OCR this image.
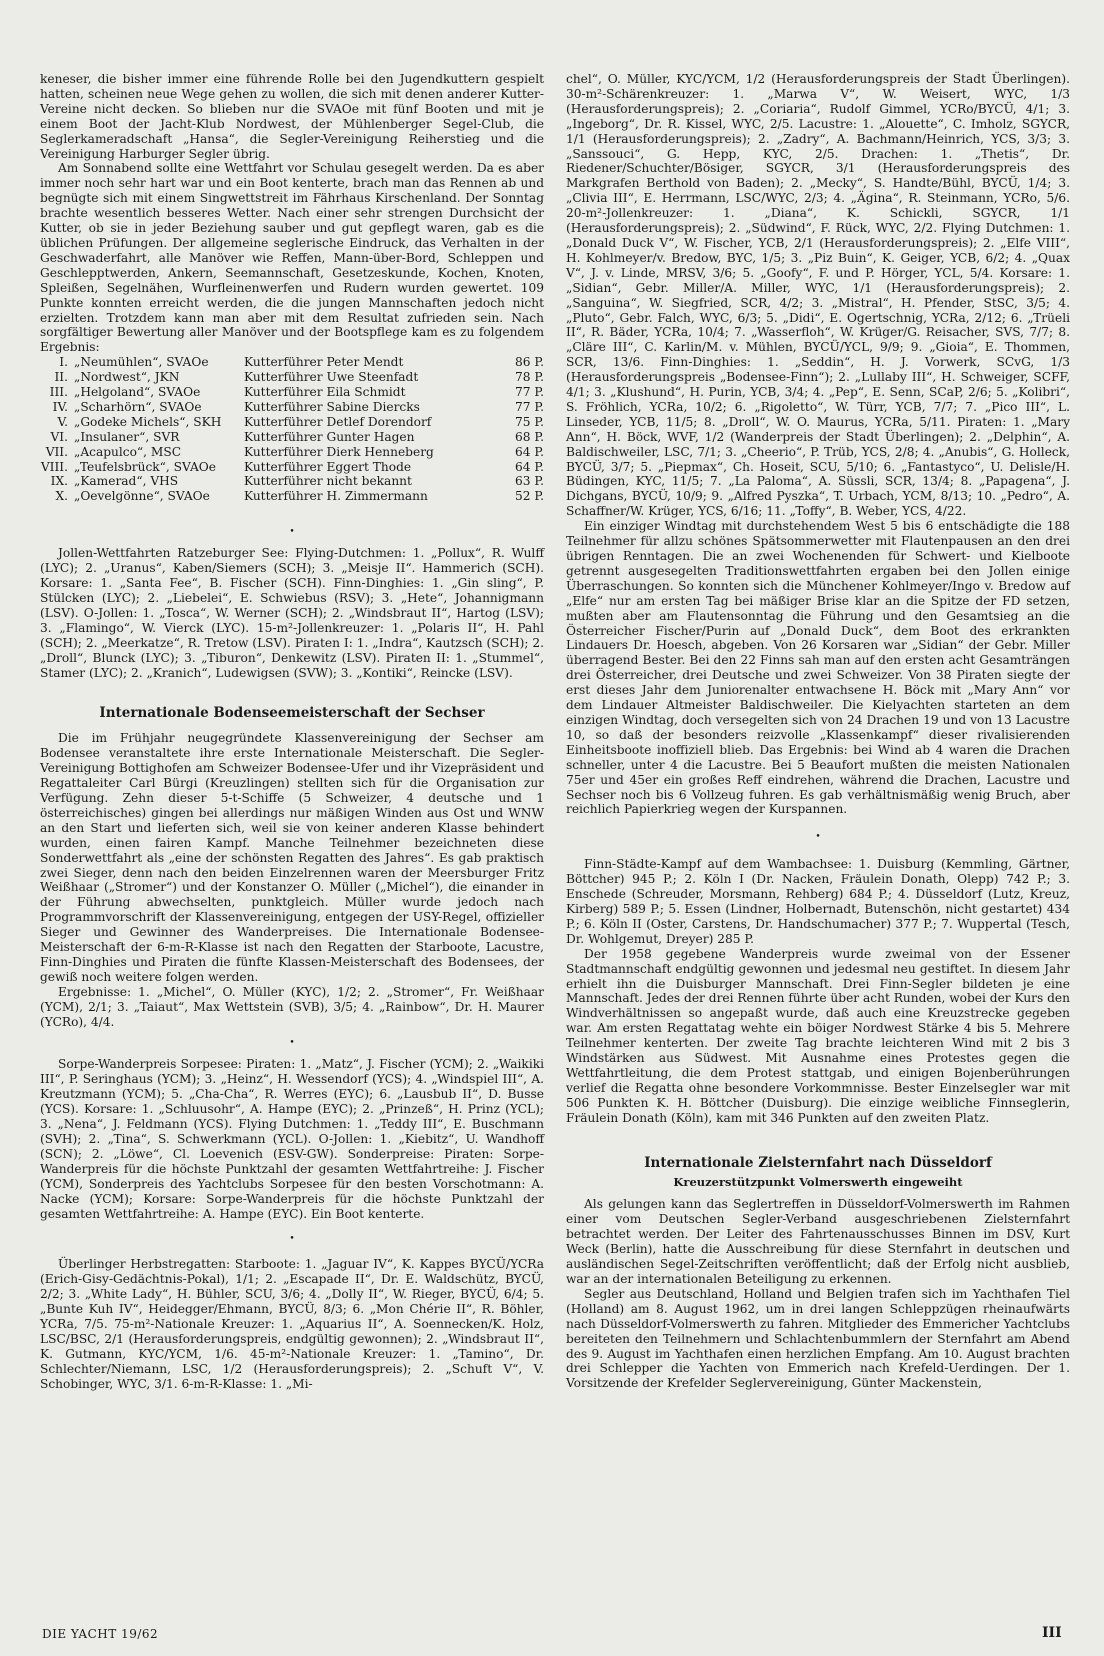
keneser, die bisher immer eine führende Rolle bei den Jugendkuttern gespielt hatten, scheinen neue Wege gehen zu wollen, die sich mit denen anderer Kutter-Vereine nicht decken. So blieben nur die SVAOe mit fünf Booten und mit je einem Boot der Jacht-Klub Nordwest, der Mühlenberger Segel-Club, die Seglerkameradschaft „Hansa“, die Segler-Vereinigung Reiherstieg und die Vereinigung Harburger Segler übrig.

Am Sonnabend sollte eine Wettfahrt vor Schulau gesegelt werden. Da es aber immer noch sehr hart war und ein Boot kenterte, brach man das Rennen ab und begnügte sich mit einem Singwettstreit im Fährhaus Kirschenland. Der Sonntag brachte wesentlich besseres Wetter. Nach einer sehr strengen Durchsicht der Kutter, ob sie in jeder Beziehung sauber und gut gepflegt waren, gab es die üblichen Prüfungen. Der allgemeine seglerische Eindruck, das Verhalten in der Geschwaderfahrt, alle Manöver wie Reffen, Mann-über-Bord, Schleppen und Geschlepptwerden, Ankern, Seemannschaft, Gesetzeskunde, Kochen, Knoten, Spleißen, Segelnähen, Wurfleinenwerfen und Rudern wurden gewertet. 109 Punkte konnten erreicht werden, die die jungen Mannschaften jedoch nicht erzielten. Trotzdem kann man aber mit dem Resultat zufrieden sein. Nach sorgfältiger Bewertung aller Manöver und der Bootspflege kam es zu folgendem Ergebnis:

I.	„Neumühlen“, SVAOe	Kutterführer Peter Mendt	86 P.
II.	„Nordwest“, JKN	Kutterführer Uwe Steenfadt	78 P.
III.	„Helgoland“, SVAOe	Kutterführer Eila Schmidt	77 P.
IV.	„Scharhörn“, SVAOe	Kutterführer Sabine Diercks	77 P.
V.	„Godeke Michels“, SKH	Kutterführer Detlef Dorendorf	75 P.
VI.	„Insulaner“, SVR	Kutterführer Gunter Hagen	68 P.
VII.	„Acapulco“, MSC	Kutterführer Dierk Henneberg	64 P.
VIII.	„Teufelsbrück“, SVAOe	Kutterführer Eggert Thode	64 P.
IX.	„Kamerad“, VHS	Kutterführer nicht bekannt	63 P.
X.	„Oevelgönne“, SVAOe	Kutterführer H. Zimmermann	52 P.
•

Jollen-Wettfahrten Ratzeburger See: Flying-Dutchmen: 1. „Pollux“, R. Wulff (LYC); 2. „Uranus“, Kaben/Siemers (SCH); 3. „Meisje II“. Hammerich (SCH). Korsare: 1. „Santa Fee“, B. Fischer (SCH). Finn-Dinghies: 1. „Gin sling“, P. Stülcken (LYC); 2. „Liebelei“, E. Schwiebus (RSV); 3. „Hete“, Johannigmann (LSV). O-Jollen: 1. „Tosca“, W. Werner (SCH); 2. „Windsbraut II“, Hartog (LSV); 3. „Flamingo“, W. Vierck (LYC). 15-m²-Jollenkreuzer: 1. „Polaris II“, H. Pahl (SCH); 2. „Meerkatze“, R. Tretow (LSV). Piraten I: 1. „Indra“, Kautzsch (SCH); 2. „Droll“, Blunck (LYC); 3. „Tiburon“, Denkewitz (LSV). Piraten II: 1. „Stummel“, Stamer (LYC); 2. „Kranich“, Ludewigsen (SVW); 3. „Kontiki“, Reincke (LSV).

Internationale Bodenseemeisterschaft der Sechser

Die im Frühjahr neugegründete Klassenvereinigung der Sechser am Bodensee veranstaltete ihre erste Internationale Meisterschaft. Die Segler-Vereinigung Bottighofen am Schweizer Bodensee-Ufer und ihr Vizepräsident und Regattaleiter Carl Bürgi (Kreuzlingen) stellten sich für die Organisation zur Verfügung. Zehn dieser 5-t-Schiffe (5 Schweizer, 4 deutsche und 1 österreichisches) gingen bei allerdings nur mäßigen Winden aus Ost und WNW an den Start und lieferten sich, weil sie von keiner anderen Klasse behindert wurden, einen fairen Kampf. Manche Teilnehmer bezeichneten diese Sonderwettfahrt als „eine der schönsten Regatten des Jahres“. Es gab praktisch zwei Sieger, denn nach den beiden Einzelrennen waren der Meersburger Fritz Weißhaar („Stromer“) und der Konstanzer O. Müller („Michel“), die einander in der Führung abwechselten, punktgleich. Müller wurde jedoch nach Programmvorschrift der Klassenvereinigung, entgegen der USY-Regel, offizieller Sieger und Gewinner des Wanderpreises. Die Internationale Bodensee-Meisterschaft der 6-m-R-Klasse ist nach den Regatten der Starboote, Lacustre, Finn-Dinghies und Piraten die fünfte Klassen-Meisterschaft des Bodensees, der gewiß noch weitere folgen werden.

Ergebnisse: 1. „Michel“, O. Müller (KYC), 1/2; 2. „Stromer“, Fr. Weißhaar (YCM), 2/1; 3. „Taiaut“, Max Wettstein (SVB), 3/5; 4. „Rainbow“, Dr. H. Maurer (YCRo), 4/4.

•

Sorpe-Wanderpreis Sorpesee: Piraten: 1. „Matz“, J. Fischer (YCM); 2. „Waikiki III“, P. Seringhaus (YCM); 3. „Heinz“, H. Wessendorf (YCS); 4. „Windspiel III“, A. Kreutzmann (YCM); 5. „Cha-Cha“, R. Werres (EYC); 6. „Lausbub II“, D. Busse (YCS). Korsare: 1. „Schluusohr“, A. Hampe (EYC); 2. „Prinzeß“, H. Prinz (YCL); 3. „Nena“, J. Feldmann (YCS). Flying Dutchmen: 1. „Teddy III“, E. Buschmann (SVH); 2. „Tina“, S. Schwerkmann (YCL). O-Jollen: 1. „Kiebitz“, U. Wandhoff (SCN); 2. „Löwe“, Cl. Loevenich (ESV-GW). Sonderpreise: Piraten: Sorpe-Wanderpreis für die höchste Punktzahl der gesamten Wettfahrtreihe: J. Fischer (YCM), Sonderpreis des Yachtclubs Sorpesee für den besten Vorschotmann: A. Nacke (YCM); Korsare: Sorpe-Wanderpreis für die höchste Punktzahl der gesamten Wettfahrtreihe: A. Hampe (EYC). Ein Boot kenterte.

•

Überlinger Herbstregatten: Starboote: 1. „Jaguar IV“, K. Kappes BYCÜ/YCRa (Erich-Gisy-Gedächtnis-Pokal), 1/1; 2. „Escapade II“, Dr. E. Waldschütz, BYCÜ, 2/2; 3. „White Lady“, H. Bühler, SCU, 3/6; 4. „Dolly II“, W. Rieger, BYCÜ, 6/4; 5. „Bunte Kuh IV“, Heidegger/Ehmann, BYCÜ, 8/3; 6. „Mon Chérie II“, R. Böhler, YCRa, 7/5. 75-m²-Nationale Kreuzer: 1. „Aquarius II“, A. Soennecken/K. Holz, LSC/BSC, 2/1 (Herausforderungspreis, endgültig gewonnen); 2. „Windsbraut II“, K. Gutmann, KYC/YCM, 1/6. 45-m²-Nationale Kreuzer: 1. „Tamino“, Dr. Schlechter/Niemann, LSC, 1/2 (Herausforderungspreis); 2. „Schuft V“, V. Schobinger, WYC, 3/1. 6-m-R-Klasse: 1. „Mi-

chel“, O. Müller, KYC/YCM, 1/2 (Herausforderungspreis der Stadt Überlingen). 30-m²-Schärenkreuzer: 1. „Marwa V“, W. Weisert, WYC, 1/3 (Herausforderungspreis); 2. „Coriaria“, Rudolf Gimmel, YCRo/BYCÜ, 4/1; 3. „Ingeborg“, Dr. R. Kissel, WYC, 2/5. Lacustre: 1. „Alouette“, C. Imholz, SGYCR, 1/1 (Herausforderungspreis); 2. „Zadry“, A. Bachmann/Heinrich, YCS, 3/3; 3. „Sanssouci“, G. Hepp, KYC, 2/5. Drachen: 1. „Thetis“, Dr. Riedener/Schuchter/Bösiger, SGYCR, 3/1 (Herausforderungspreis des Markgrafen Berthold von Baden); 2. „Mecky“, S. Handte/Bühl, BYCÜ, 1/4; 3. „Clivia III“, E. Herrmann, LSC/WYC, 2/3; 4. „Ägina“, R. Steinmann, YCRo, 5/6. 20-m²-Jollenkreuzer: 1. „Diana“, K. Schickli, SGYCR, 1/1 (Herausforderungspreis); 2. „Südwind“, F. Rück, WYC, 2/2. Flying Dutchmen: 1. „Donald Duck V“, W. Fischer, YCB, 2/1 (Herausforderungspreis); 2. „Elfe VIII“, H. Kohlmeyer/v. Bredow, BYC, 1/5; 3. „Piz Buin“, K. Geiger, YCB, 6/2; 4. „Quax V“, J. v. Linde, MRSV, 3/6; 5. „Goofy“, F. und P. Hörger, YCL, 5/4. Korsare: 1. „Sidian“, Gebr. Miller/A. Miller, WYC, 1/1 (Herausforderungspreis); 2. „Sanguina“, W. Siegfried, SCR, 4/2; 3. „Mistral“, H. Pfender, StSC, 3/5; 4. „Pluto“, Gebr. Falch, WYC, 6/3; 5. „Didi“, E. Ogertschnig, YCRa, 2/12; 6. „Trüeli II“, R. Bäder, YCRa, 10/4; 7. „Wasserfloh“, W. Krüger/G. Reisacher, SVS, 7/7; 8. „Cläre III“, C. Karlin/M. v. Mühlen, BYCÜ/YCL, 9/9; 9. „Gioia“, E. Thommen, SCR, 13/6. Finn-Dinghies: 1. „Seddin“, H. J. Vorwerk, SCvG, 1/3 (Herausforderungspreis „Bodensee-Finn“); 2. „Lullaby III“, H. Schweiger, SCFF, 4/1; 3. „Klushund“, H. Purin, YCB, 3/4; 4. „Pep“, E. Senn, SCaP, 2/6; 5. „Kolibri“, S. Fröhlich, YCRa, 10/2; 6. „Rigoletto“, W. Türr, YCB, 7/7; 7. „Pico III“, L. Linseder, YCB, 11/5; 8. „Droll“, W. O. Maurus, YCRa, 5/11. Piraten: 1. „Mary Ann“, H. Böck, WVF, 1/2 (Wanderpreis der Stadt Überlingen); 2. „Delphin“, A. Baldischweiler, LSC, 7/1; 3. „Cheerio“, P. Trüb, YCS, 2/8; 4. „Anubis“, G. Holleck, BYCÜ, 3/7; 5. „Piepmax“, Ch. Hoseit, SCU, 5/10; 6. „Fantastyco“, U. Delisle/H. Büdingen, KYC, 11/5; 7. „La Paloma“, A. Süssli, SCR, 13/4; 8. „Papagena“, J. Dichgans, BYCÜ, 10/9; 9. „Alfred Pyszka“, T. Urbach, YCM, 8/13; 10. „Pedro“, A. Schaffner/W. Krüger, YCS, 6/16; 11. „Toffy“, B. Weber, YCS, 4/22.

Ein einziger Windtag mit durchstehendem West 5 bis 6 entschädigte die 188 Teilnehmer für allzu schönes Spätsommerwetter mit Flautenpausen an den drei übrigen Renntagen. Die an zwei Wochenenden für Schwert- und Kielboote getrennt ausgesegelten Traditionswettfahrten ergaben bei den Jollen einige Überraschungen. So konnten sich die Münchener Kohlmeyer/Ingo v. Bredow auf „Elfe“ nur am ersten Tag bei mäßiger Brise klar an die Spitze der FD setzen, mußten aber am Flautensonntag die Führung und den Gesamtsieg an die Österreicher Fischer/Purin auf „Donald Duck“, dem Boot des erkrankten Lindauers Dr. Hoesch, abgeben. Von 26 Korsaren war „Sidian“ der Gebr. Miller überragend Bester. Bei den 22 Finns sah man auf den ersten acht Gesamträngen drei Österreicher, drei Deutsche und zwei Schweizer. Von 38 Piraten siegte der erst dieses Jahr dem Juniorenalter entwachsene H. Böck mit „Mary Ann“ vor dem Lindauer Altmeister Baldischweiler. Die Kielyachten starteten an dem einzigen Windtag, doch versegelten sich von 24 Drachen 19 und von 13 Lacustre 10, so daß der besonders reizvolle „Klassenkampf“ dieser rivalisierenden Einheitsboote inoffiziell blieb. Das Ergebnis: bei Wind ab 4 waren die Drachen schneller, unter 4 die Lacustre. Bei 5 Beaufort mußten die meisten Nationalen 75er und 45er ein großes Reff eindrehen, während die Drachen, Lacustre und Sechser noch bis 6 Vollzeug fuhren. Es gab verhältnismäßig wenig Bruch, aber reichlich Papierkrieg wegen der Kurspannen.

•

Finn-Städte-Kampf auf dem Wambachsee: 1. Duisburg (Kemmling, Gärtner, Böttcher) 945 P.; 2. Köln I (Dr. Nacken, Fräulein Donath, Olepp) 742 P.; 3. Enschede (Schreuder, Morsmann, Rehberg) 684 P.; 4. Düsseldorf (Lutz, Kreuz, Kirberg) 589 P.; 5. Essen (Lindner, Holbernadt, Butenschön, nicht gestartet) 434 P.; 6. Köln II (Oster, Carstens, Dr. Handschumacher) 377 P.; 7. Wuppertal (Tesch, Dr. Wohlgemut, Dreyer) 285 P.

Der 1958 gegebene Wanderpreis wurde zweimal von der Essener Stadtmannschaft endgültig gewonnen und jedesmal neu gestiftet. In diesem Jahr erhielt ihn die Duisburger Mannschaft. Drei Finn-Segler bildeten je eine Mannschaft. Jedes der drei Rennen führte über acht Runden, wobei der Kurs den Windverhältnissen so angepaßt wurde, daß auch eine Kreuzstrecke gegeben war. Am ersten Regattatag wehte ein böiger Nordwest Stärke 4 bis 5. Mehrere Teilnehmer kenterten. Der zweite Tag brachte leichteren Wind mit 2 bis 3 Windstärken aus Südwest. Mit Ausnahme eines Protestes gegen die Wettfahrtleitung, die dem Protest stattgab, und einigen Bojenberührungen verlief die Regatta ohne besondere Vorkommnisse. Bester Einzelsegler war mit 506 Punkten K. H. Böttcher (Duisburg). Die einzige weibliche Finnseglerin, Fräulein Donath (Köln), kam mit 346 Punkten auf den zweiten Platz.

Internationale Zielsternfahrt nach Düsseldorf
Kreuzerstützpunkt Volmerswerth eingeweiht

Als gelungen kann das Seglertreffen in Düsseldorf-Volmerswerth im Rahmen einer vom Deutschen Segler-Verband ausgeschriebenen Zielsternfahrt betrachtet werden. Der Leiter des Fahrtenausschusses Binnen im DSV, Kurt Weck (Berlin), hatte die Ausschreibung für diese Sternfahrt in deutschen und ausländischen Segel-Zeitschriften veröffentlicht; daß der Erfolg nicht ausblieb, war an der internationalen Beteiligung zu erkennen.

Segler aus Deutschland, Holland und Belgien trafen sich im Yachthafen Tiel (Holland) am 8. August 1962, um in drei langen Schleppzügen rheinaufwärts nach Düsseldorf-Volmerswerth zu fahren. Mitglieder des Emmericher Yachtclubs bereiteten den Teilnehmern und Schlachtenbummlern der Sternfahrt am Abend des 9. August im Yachthafen einen herzlichen Empfang. Am 10. August brachten drei Schlepper die Yachten von Emmerich nach Krefeld-Uerdingen. Der 1. Vorsitzende der Krefelder Seglervereinigung, Günter Mackenstein,

DIE YACHT 19/62	III
